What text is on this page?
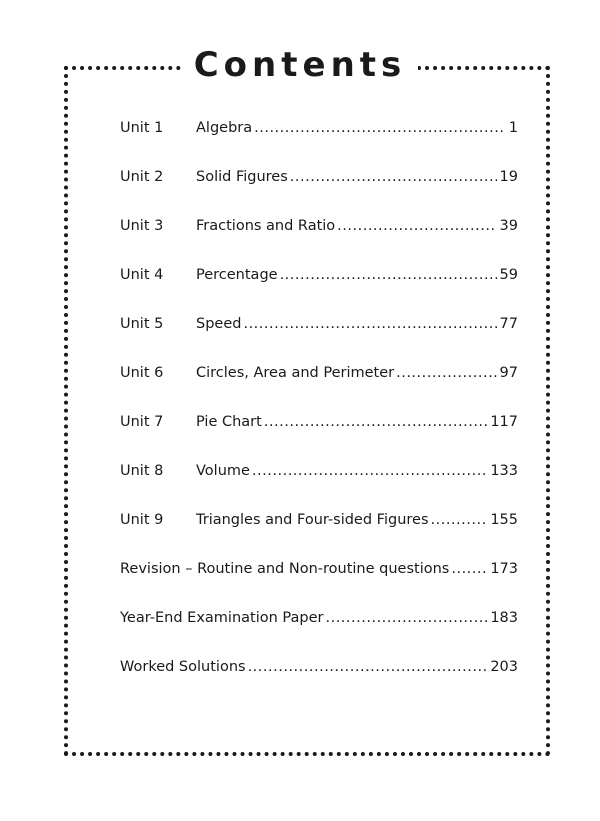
Contents
Unit 1	Algebra .....	1
Unit 2	Solid Figures .....	19
Unit 3	Fractions and Ratio .....	39
Unit 4	Percentage .....	59
Unit 5	Speed .....	77
Unit 6	Circles, Area and Perimeter .....	97
Unit 7	Pie Chart .....	117
Unit 8	Volume .....	133
Unit 9	Triangles and Four-sided Figures .....	155
Revision – Routine and Non-routine questions .....	173
Year-End Examination Paper .....	183
Worked Solutions .....	203
